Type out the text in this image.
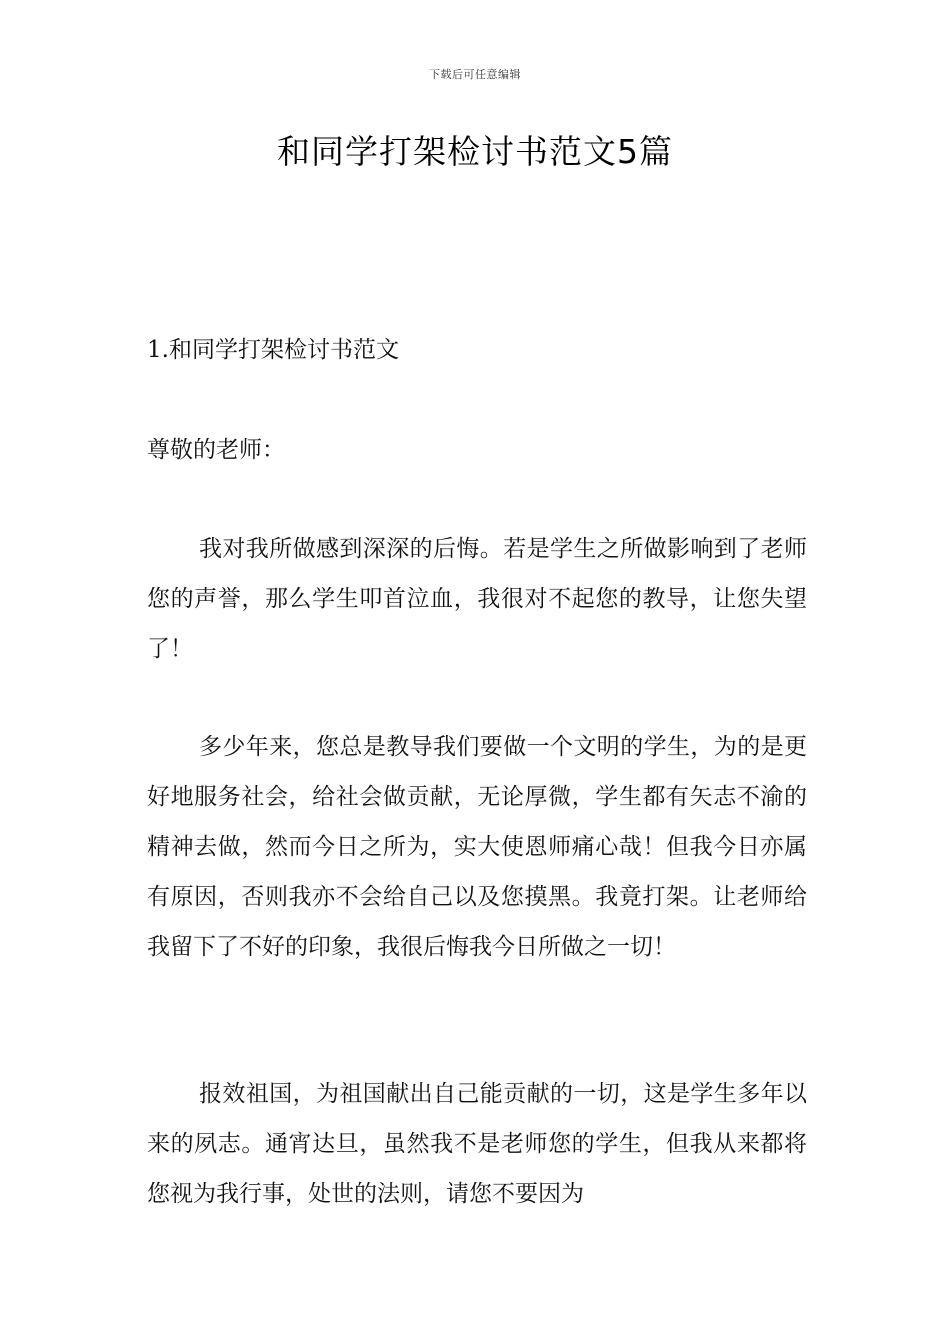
下载后可任意编辑
和同学打架检讨书范文5篇
1.和同学打架检讨书范文
尊敬的老师：

我对我所做感到深深的后悔。若是学生之所做影响到了老师您的声誉，那么学生叩首泣血，我很对不起您的教导，让您失望了！

多少年来，您总是教导我们要做一个文明的学生，为的是更好地服务社会，给社会做贡献，无论厚微，学生都有矢志不渝的精神去做，然而今日之所为，实大使恩师痛心哉！但我今日亦属有原因，否则我亦不会给自己以及您摸黑。我竟打架。让老师给我留下了不好的印象，我很后悔我今日所做之一切！

报效祖国，为祖国献出自己能贡献的一切，这是学生多年以来的夙志。通宵达旦，虽然我不是老师您的学生，但我从来都将您视为我行事，处世的法则，请您不要因为
